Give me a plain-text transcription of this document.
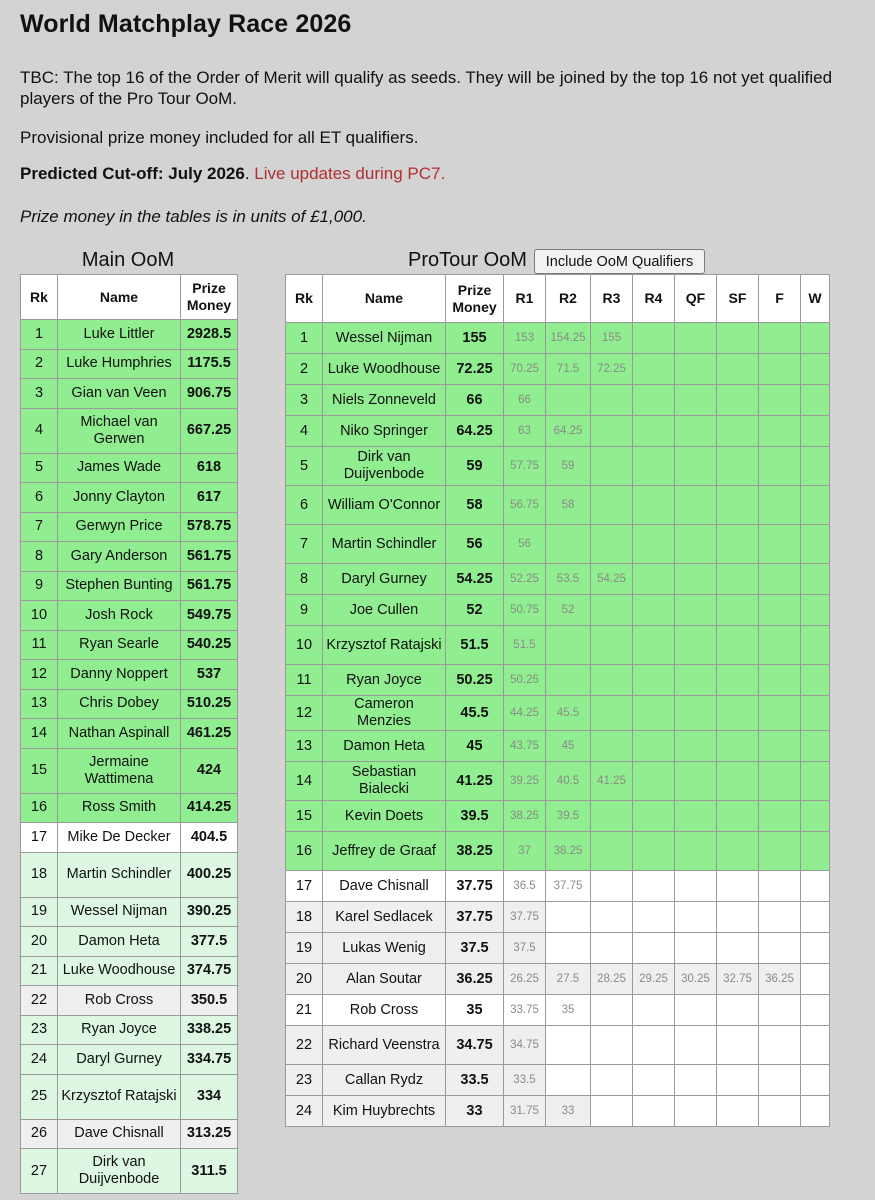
World Matchplay Race 2026

TBC: The top 16 of the Order of Merit will qualify as seeds. They will be joined by the top 16 not yet qualified players of the Pro Tour OoM.

Provisional prize money included for all ET qualifiers.

Predicted Cut-off: July 2026. Live updates during PC7.

Prize money in the tables is in units of £1,000.

Main OoM	ProTour OoM	Include OoM Qualifiers
Rk	Name	Prize Money
1	Luke Littler	2928.5
2	Luke Humphries	1175.5
3	Gian van Veen	906.75
4	Michael van Gerwen	667.25
5	James Wade	618
6	Jonny Clayton	617
7	Gerwyn Price	578.75
8	Gary Anderson	561.75
9	Stephen Bunting	561.75
10	Josh Rock	549.75
11	Ryan Searle	540.25
12	Danny Noppert	537
13	Chris Dobey	510.25
14	Nathan Aspinall	461.25
15	Jermaine Wattimena	424
16	Ross Smith	414.25
17	Mike De Decker	404.5
18	Martin Schindler	400.25
19	Wessel Nijman	390.25
20	Damon Heta	377.5
21	Luke Woodhouse	374.75
22	Rob Cross	350.5
23	Ryan Joyce	338.25
24	Daryl Gurney	334.75
25	Krzysztof Ratajski	334
26	Dave Chisnall	313.25
27	Dirk van Duijvenbode	311.5
Rk	Name	Prize Money	R1	R2	R3	R4	QF	SF	F	W
1	Wessel Nijman	155	153	154.25	155					
2	Luke Woodhouse	72.25	70.25	71.5	72.25					
3	Niels Zonneveld	66	66							
4	Niko Springer	64.25	63	64.25						
5	Dirk van Duijvenbode	59	57.75	59						
6	William O'Connor	58	56.75	58						
7	Martin Schindler	56	56							
8	Daryl Gurney	54.25	52.25	53.5	54.25					
9	Joe Cullen	52	50.75	52						
10	Krzysztof Ratajski	51.5	51.5							
11	Ryan Joyce	50.25	50.25							
12	Cameron Menzies	45.5	44.25	45.5						
13	Damon Heta	45	43.75	45						
14	Sebastian Bialecki	41.25	39.25	40.5	41.25					
15	Kevin Doets	39.5	38.25	39.5						
16	Jeffrey de Graaf	38.25	37	38.25						
17	Dave Chisnall	37.75	36.5	37.75						
18	Karel Sedlacek	37.75	37.75							
19	Lukas Wenig	37.5	37.5							
20	Alan Soutar	36.25	26.25	27.5	28.25	29.25	30.25	32.75	36.25	
21	Rob Cross	35	33.75	35						
22	Richard Veenstra	34.75	34.75							
23	Callan Rydz	33.5	33.5							
24	Kim Huybrechts	33	31.75	33						
